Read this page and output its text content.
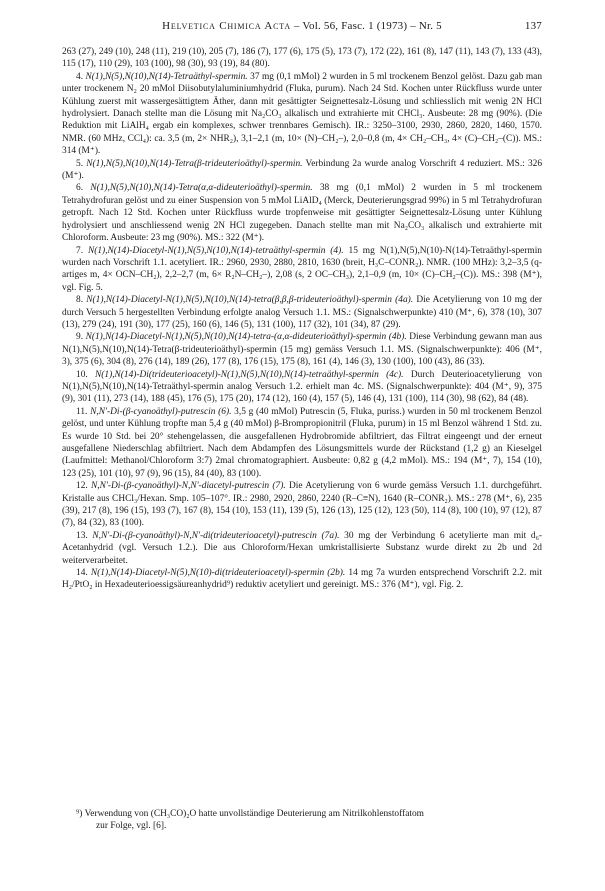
Helvetica Chimica Acta – Vol. 56, Fasc. 1 (1973) – Nr. 5	137

263 (27), 249 (10), 248 (11), 219 (10), 205 (7), 186 (7), 177 (6), 175 (5), 173 (7), 172 (22), 161 (8), 147 (11), 143 (7), 133 (43), 115 (17), 110 (29), 103 (100), 98 (30), 93 (19), 84 (80).

4. N(1),N(5),N(10),N(14)-Tetraäthyl-spermin. 37 mg (0,1 mMol) 2 wurden in 5 ml trockenem Benzol gelöst. Dazu gab man unter trockenem N₂ 20 mMol Diisobutylaluminiumhydrid (Fluka, purum). Nach 24 Std. Kochen unter Rückfluss wurde unter Kühlung zuerst mit wassergesättigtem Äther, dann mit gesättigter Seignettesalz-Lösung und schliesslich mit wenig 2N HCl hydrolysiert. Danach stellte man die Lösung mit Na₂CO₃ alkalisch und extrahierte mit CHCl₃. Ausbeute: 28 mg (90%). (Die Reduktion mit LiAlH₄ ergab ein komplexes, schwer trennbares Gemisch). IR.: 3250–3100, 2930, 2860, 2820, 1460, 1570. NMR. (60 MHz, CCl₄): ca. 3,5 (m, 2× NHR₂), 3,1–2,1 (m, 10× (N)–CH₂–), 2,0–0,8 (m, 4× CH₂–CH₃, 4× (C)–CH₂–(C)). MS.: 314 (M⁺).

5. N(1),N(5),N(10),N(14)-Tetra(β-trideuterioäthyl)-spermin. Verbindung 2a wurde analog Vorschrift 4 reduziert. MS.: 326 (M⁺).

6. N(1),N(5),N(10),N(14)-Tetra(α,α-dideuterioäthyl)-spermin. 38 mg (0,1 mMol) 2 wurden in 5 ml trockenem Tetrahydrofuran gelöst und zu einer Suspension von 5 mMol LiAlD₄ (Merck, Deuterierungsgrad 99%) in 5 ml Tetrahydrofuran getropft. Nach 12 Std. Kochen unter Rückfluss wurde tropfenweise mit gesättigter Seignettesalz-Lösung unter Kühlung hydrolysiert und anschliessend wenig 2N HCl zugegeben. Danach stellte man mit Na₂CO₃ alkalisch und extrahierte mit Chloroform. Ausbeute: 23 mg (90%). MS.: 322 (M⁺).

7. N(1),N(14)-Diacetyl-N(1),N(5),N(10),N(14)-tetraäthyl-spermin (4). 15 mg N(1),N(5),N(10)-N(14)-Tetraäthyl-spermin wurden nach Vorschrift 1.1. acetyliert. IR.: 2960, 2930, 2880, 2810, 1630 (breit, H₃C–CONR₂). NMR. (100 MHz): 3,2–3,5 (q-artiges m, 4× OCN–CH₂), 2,2–2,7 (m, 6× R₂N–CH₂–), 2,08 (s, 2 OC–CH₃), 2,1–0,9 (m, 10× (C)–CH₂–(C)). MS.: 398 (M⁺), vgl. Fig. 5.

8. N(1),N(14)-Diacetyl-N(1),N(5),N(10),N(14)-tetra(β,β,β-trideuterioäthyl)-spermin (4a). Die Acetylierung von 10 mg der durch Versuch 5 hergestellten Verbindung erfolgte analog Versuch 1.1. MS.: (Signalschwerpunkte) 410 (M⁺, 6), 378 (10), 307 (13), 279 (24), 191 (30), 177 (25), 160 (6), 146 (5), 131 (100), 117 (32), 101 (34), 87 (29).

9. N(1),N(14)-Diacetyl-N(1),N(5),N(10),N(14)-tetra-(α,α-dideuterioäthyl)-spermin (4b). Diese Verbindung gewann man aus N(1),N(5),N(10),N(14)-Tetra(β-trideuterioäthyl)-spermin (15 mg) gemäss Versuch 1.1. MS. (Signalschwerpunkte): 406 (M⁺, 3), 375 (6), 304 (8), 276 (14), 189 (26), 177 (8), 176 (15), 175 (8), 161 (4), 146 (3), 130 (100), 100 (43), 86 (33).

10. N(1),N(14)-Di(trideuterioacetyl)-N(1),N(5),N(10),N(14)-tetraäthyl-spermin (4c). Durch Deuterioacetylierung von N(1),N(5),N(10),N(14)-Tetraäthyl-spermin analog Versuch 1.2. erhielt man 4c. MS. (Signalschwerpunkte): 404 (M⁺, 9), 375 (9), 301 (11), 273 (14), 188 (45), 176 (5), 175 (20), 174 (12), 160 (4), 157 (5), 146 (4), 131 (100), 114 (30), 98 (62), 84 (48).

11. N,N'-Di-(β-cyanoäthyl)-putrescin (6). 3,5 g (40 mMol) Putrescin (5, Fluka, puriss.) wurden in 50 ml trockenem Benzol gelöst, und unter Kühlung tropfte man 5,4 g (40 mMol) β-Brompropionitril (Fluka, purum) in 15 ml Benzol während 1 Std. zu. Es wurde 10 Std. bei 20° stehengelassen, die ausgefallenen Hydrobromide abfiltriert, das Filtrat eingeengt und der erneut ausgefallene Niederschlag abfiltriert. Nach dem Abdampfen des Lösungsmittels wurde der Rückstand (1,2 g) an Kieselgel (Laufmittel: Methanol/Chloroform 3:7) 2mal chromatographiert. Ausbeute: 0,82 g (4,2 mMol). MS.: 194 (M⁺, 7), 154 (10), 123 (25), 101 (10), 97 (9), 96 (15), 84 (40), 83 (100).

12. N,N'-Di-(β-cyanoäthyl)-N,N'-diacetyl-putrescin (7). Die Acetylierung von 6 wurde gemäss Versuch 1.1. durchgeführt. Kristalle aus CHCl₃/Hexan. Smp. 105–107°. IR.: 2980, 2920, 2860, 2240 (R–C≡N), 1640 (R–CONR₂). MS.: 278 (M⁺, 6), 235 (39), 217 (8), 196 (15), 193 (7), 167 (8), 154 (10), 153 (11), 139 (5), 126 (13), 125 (12), 123 (50), 114 (8), 100 (10), 97 (12), 87 (7), 84 (32), 83 (100).

13. N,N'-Di-(β-cyanoäthyl)-N,N'-di(trideuterioacetyl)-putrescin (7a). 30 mg der Verbindung 6 acetylierte man mit d₆-Acetanhydrid (vgl. Versuch 1.2.). Die aus Chloroform/Hexan umkristallisierte Substanz wurde direkt zu 2b und 2d weiterverarbeitet.

14. N(1),N(14)-Diacetyl-N(5),N(10)-di(trideuterioacetyl)-spermin (2b). 14 mg 7a wurden entsprechend Vorschrift 2.2. mit H₂/PtO₂ in Hexadeuterioessigsäureanhydrid⁹) reduktiv acetyliert und gereinigt. MS.: 376 (M⁺), vgl. Fig. 2.

⁹) Verwendung von (CH₃CO)₂O hatte unvollständige Deuterierung am Nitrilkohlenstoffatom
zur Folge, vgl. [6].
